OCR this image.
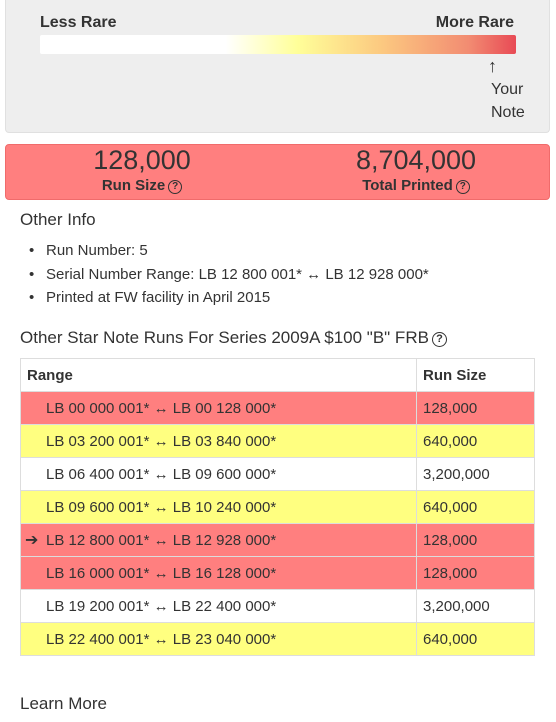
Less Rare	More Rare
↑
Your
Note
128,000
Run Size ?
8,704,000
Total Printed ?
Other Info
• Run Number: 5
• Serial Number Range: LB 12 800 001* ↔ LB 12 928 000*
• Printed at FW facility in April 2015
Other Star Note Runs For Series 2009A $100 "B" FRB ?
Range	Run Size
LB 00 000 001* ↔ LB 00 128 000*	128,000
LB 03 200 001* ↔ LB 03 840 000*	640,000
LB 06 400 001* ↔ LB 09 600 000*	3,200,000
LB 09 600 001* ↔ LB 10 240 000*	640,000

➔ LB 12 800 001* ↔ LB 12 928 000*	128,000
LB 16 000 001* ↔ LB 16 128 000*	128,000
LB 19 200 001* ↔ LB 22 400 000*	3,200,000
LB 22 400 001* ↔ LB 23 040 000*	640,000
Learn More
